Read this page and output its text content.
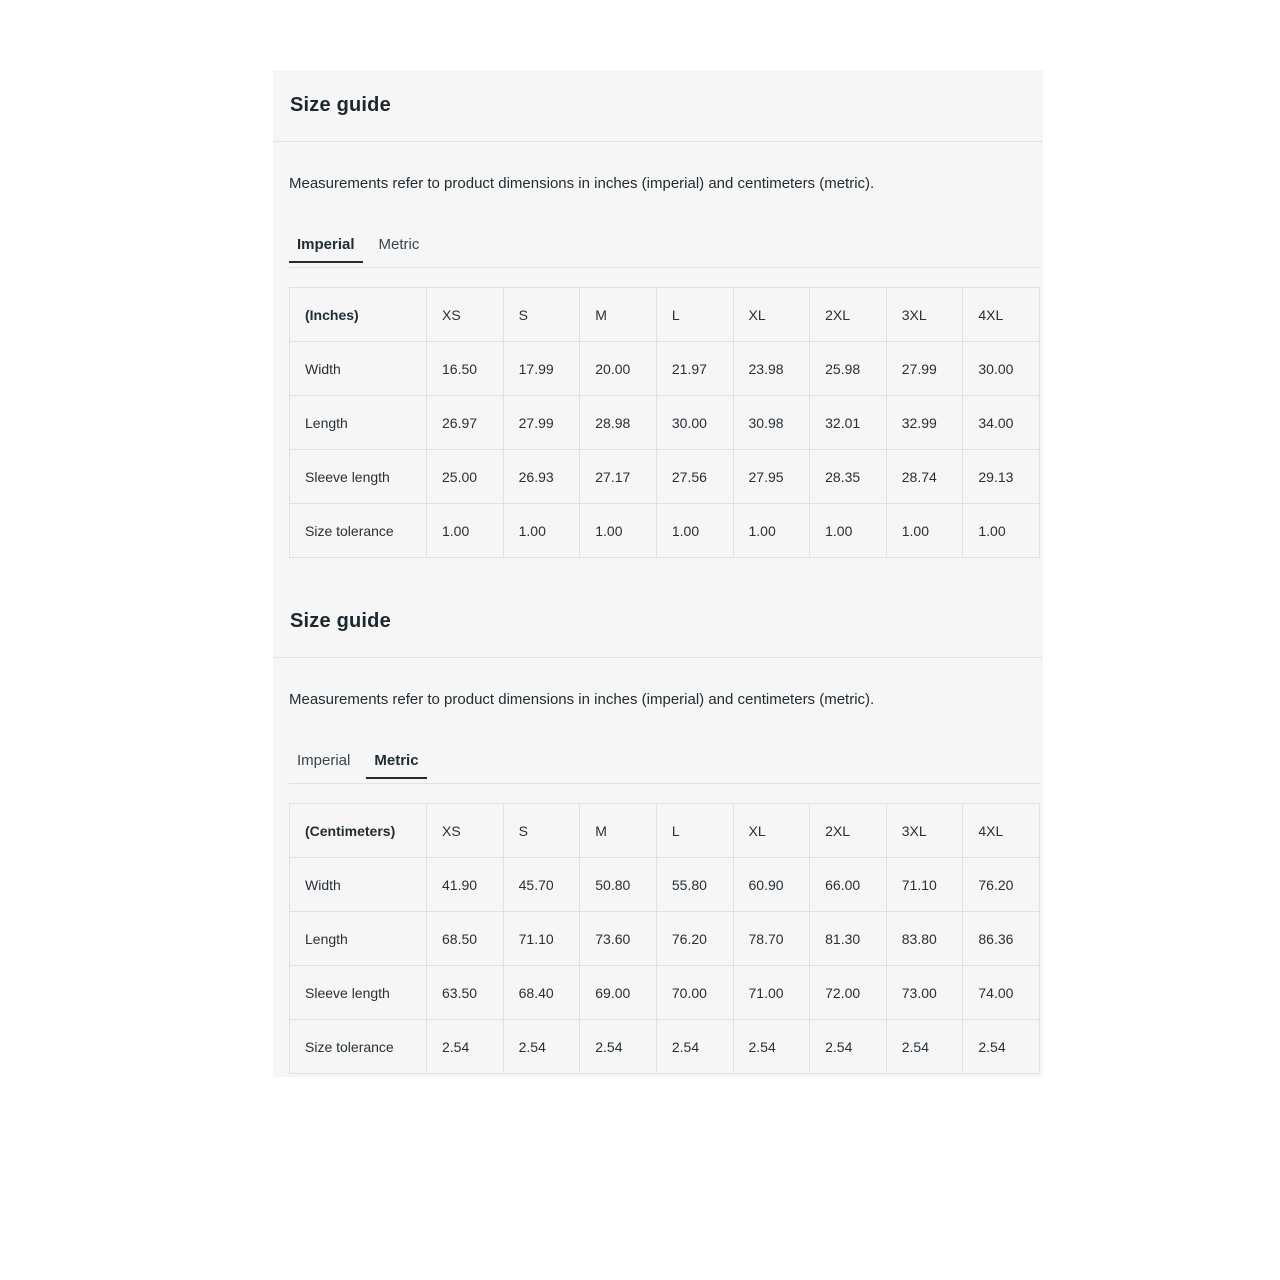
Size guide

Measurements refer to product dimensions in inches (imperial) and centimeters (metric).

Imperial Metric
(Inches)	XS	S	M	L	XL	2XL	3XL	4XL
Width	16.50	17.99	20.00	21.97	23.98	25.98	27.99	30.00
Length	26.97	27.99	28.98	30.00	30.98	32.01	32.99	34.00
Sleeve length	25.00	26.93	27.17	27.56	27.95	28.35	28.74	29.13
Size tolerance	1.00	1.00	1.00	1.00	1.00	1.00	1.00	1.00
Size guide

Measurements refer to product dimensions in inches (imperial) and centimeters (metric).

Imperial Metric
(Centimeters)	XS	S	M	L	XL	2XL	3XL	4XL
Width	41.90	45.70	50.80	55.80	60.90	66.00	71.10	76.20
Length	68.50	71.10	73.60	76.20	78.70	81.30	83.80	86.36
Sleeve length	63.50	68.40	69.00	70.00	71.00	72.00	73.00	74.00
Size tolerance	2.54	2.54	2.54	2.54	2.54	2.54	2.54	2.54
